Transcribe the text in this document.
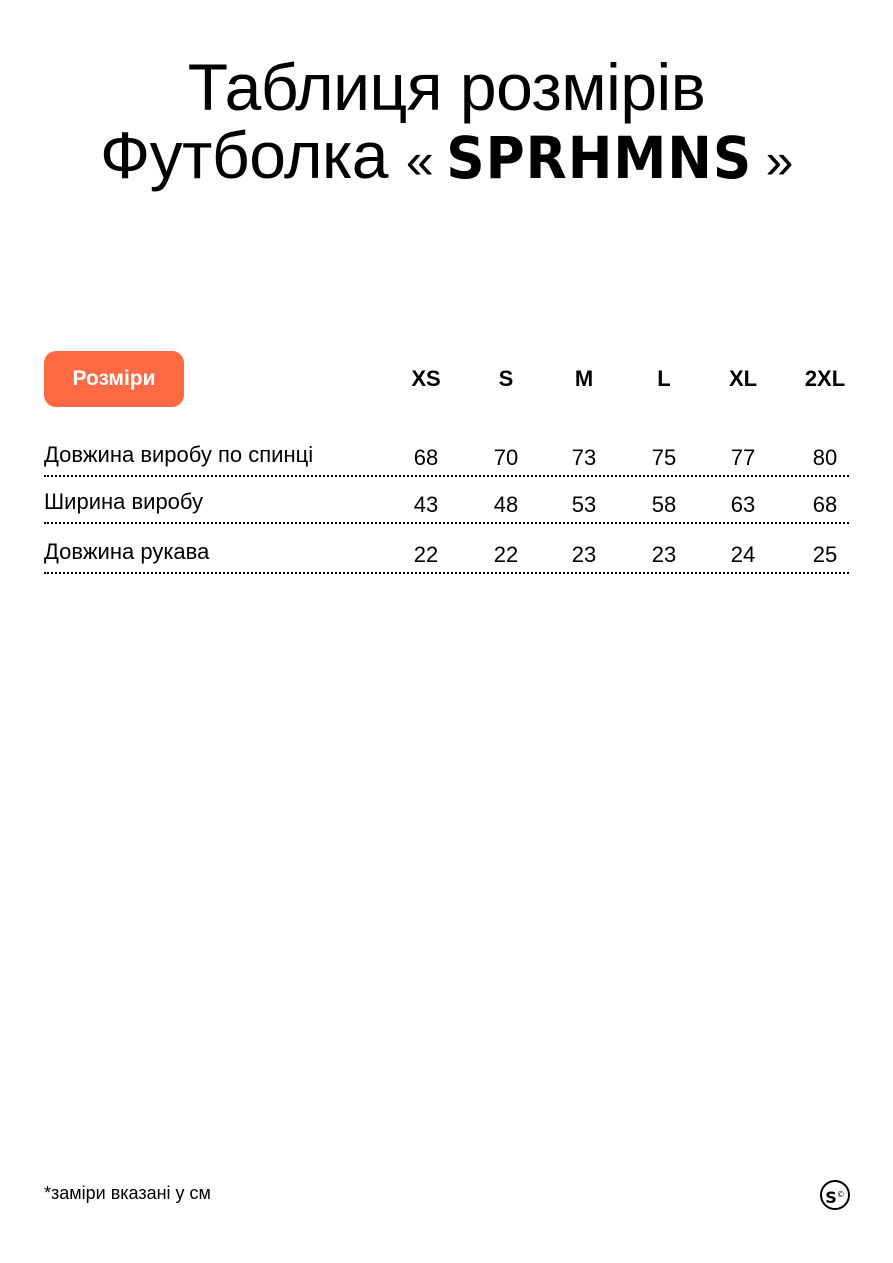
Таблиця розмірів
Футболка « SPRHMNS »
Розміри	XS	S	M	L	XL	2XL
Довжина виробу по спинці	68	70	73	75	77	80
Ширина виробу	43	48	53	58	63	68
Довжина рукава	22	22	23	23	24	25
*заміри вказані у см	S©
